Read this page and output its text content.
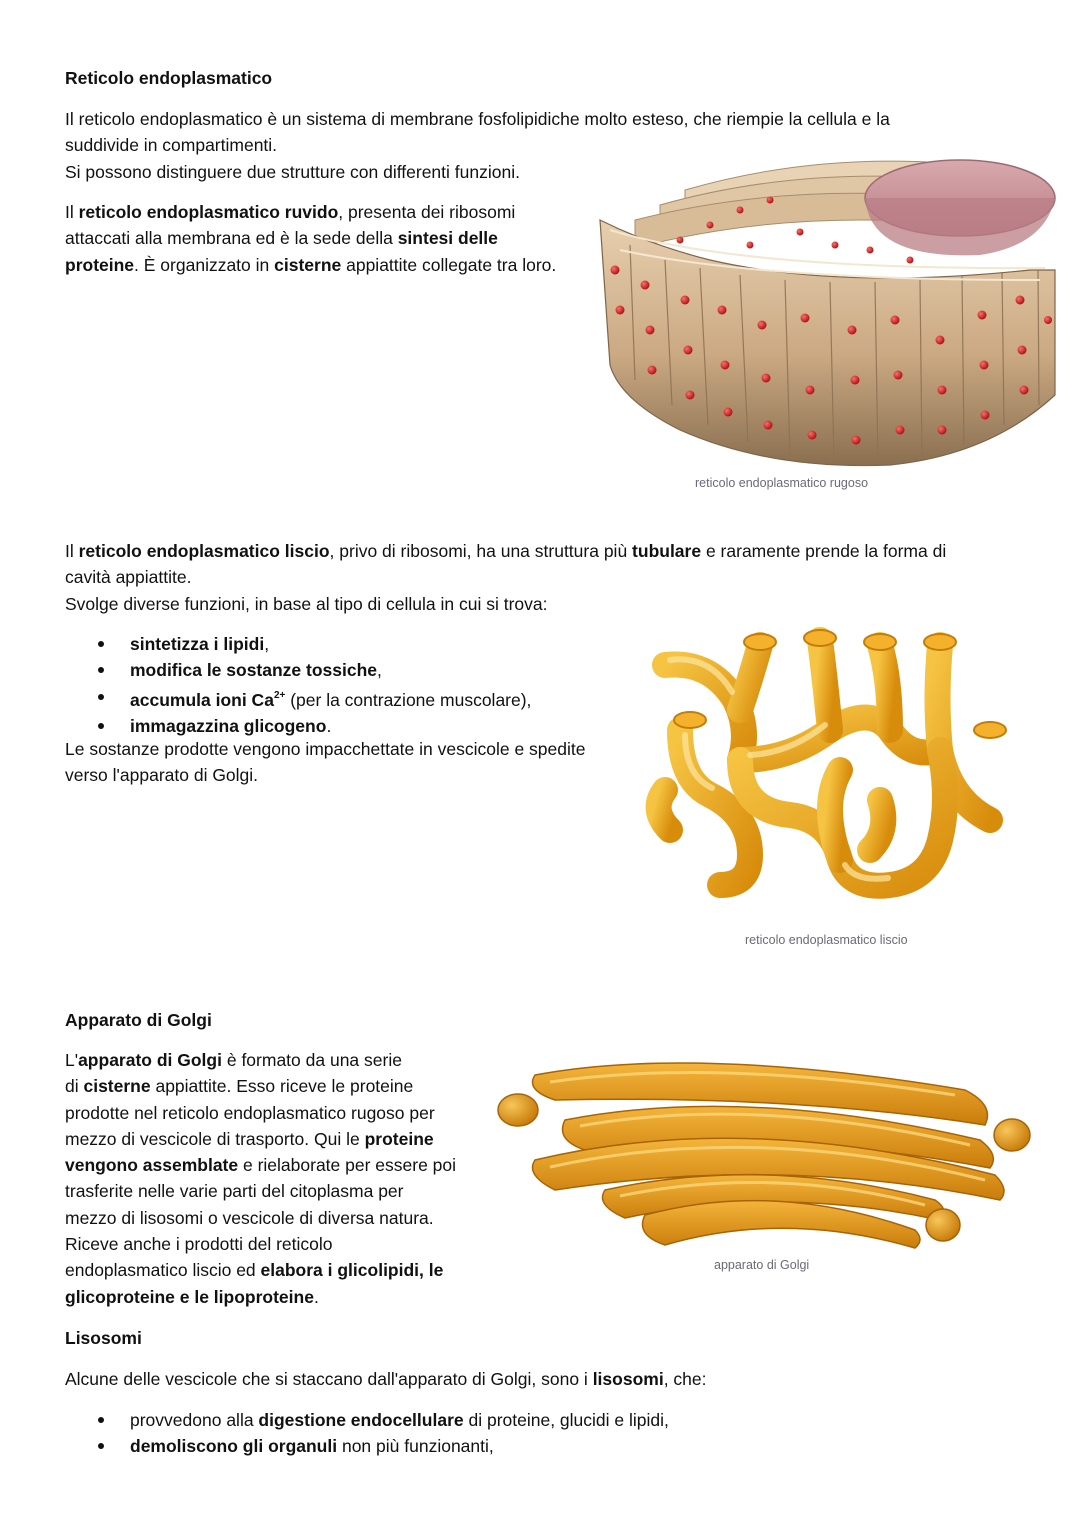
Reticolo endoplasmatico
Il reticolo endoplasmatico è un sistema di membrane fosfolipidiche molto esteso, che riempie la cellula e la
suddivide in compartimenti.
Si possono distinguere due strutture con differenti funzioni.
Il reticolo endoplasmatico ruvido, presenta dei ribosomi
attaccati alla membrana ed è la sede della sintesi delle
proteine. È organizzato in cisterne appiattite collegate tra loro.
reticolo endoplasmatico rugoso
Il reticolo endoplasmatico liscio, privo di ribosomi, ha una struttura più tubulare e raramente prende la forma di
cavità appiattite.
Svolge diverse funzioni, in base al tipo di cellula in cui si trova:
sintetizza i lipidi,
modifica le sostanze tossiche,
accumula ioni $Ca^{2+}$ (per la contrazione muscolare),
immagazzina glicogeno.
Le sostanze prodotte vengono impacchettate in vescicole e spedite
verso l'apparato di Golgi.
reticolo endoplasmatico liscio
Apparato di Golgi
L'apparato di Golgi è formato da una serie
di cisterne appiattite. Esso riceve le proteine
prodotte nel reticolo endoplasmatico rugoso per
mezzo di vescicole di trasporto. Qui le proteine
vengono assemblate e rielaborate per essere poi
trasferite nelle varie parti del citoplasma per
mezzo di lisosomi o vescicole di diversa natura.
Riceve anche i prodotti del reticolo
endoplasmatico liscio ed elabora i glicolipidi, le
glicoproteine e le lipoproteine.
apparato di Golgi
Lisosomi
Alcune delle vescicole che si staccano dall'apparato di Golgi, sono i lisosomi, che:
provvedono alla digestione endocellulare di proteine, glucidi e lipidi,
demoliscono gli organuli non più funzionanti,
